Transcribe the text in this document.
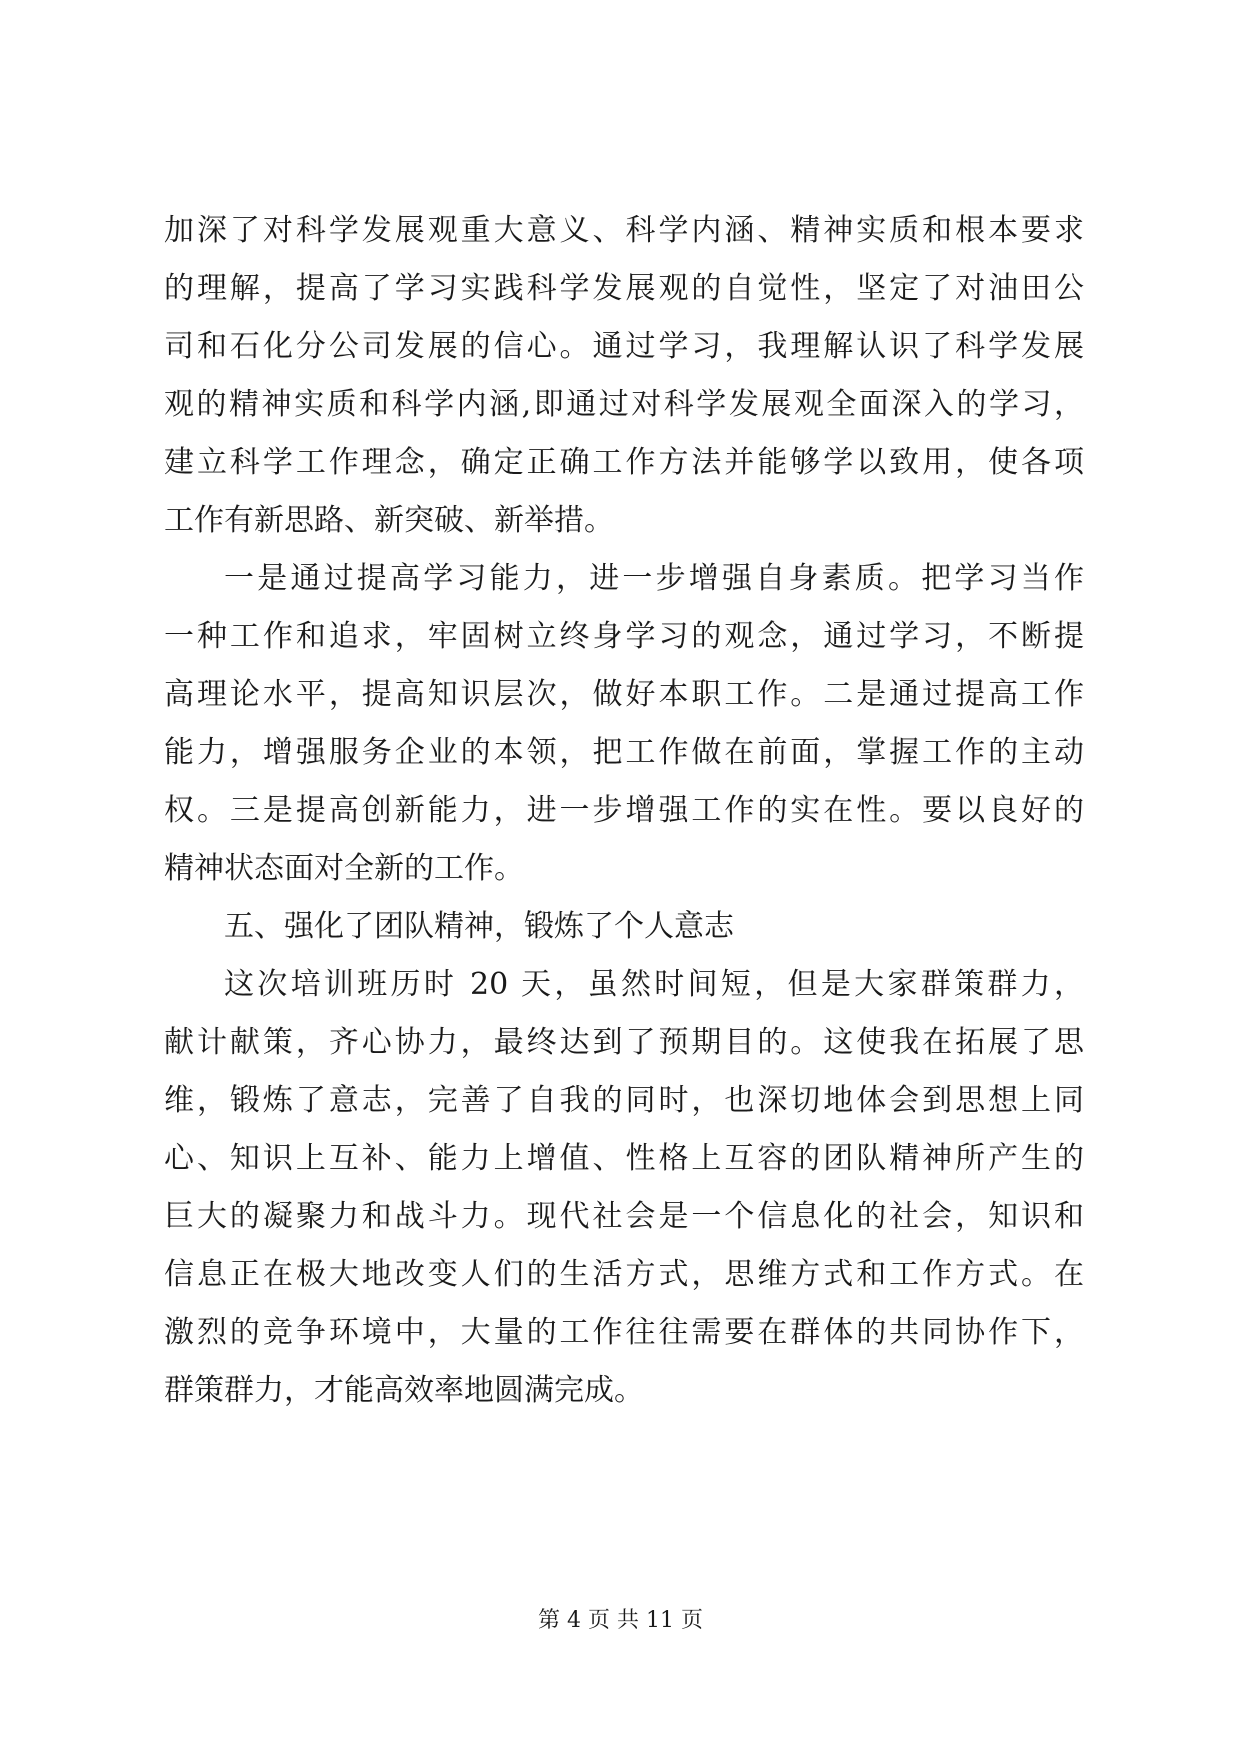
加深了对科学发展观重大意义、科学内涵、精神实质和根本要求
的理解，提高了学习实践科学发展观的自觉性，坚定了对油田公
司和石化分公司发展的信心。通过学习，我理解认识了科学发展
观的精神实质和科学内涵,即通过对科学发展观全面深入的学习，
建立科学工作理念，确定正确工作方法并能够学以致用，使各项
工作有新思路、新突破、新举措。
一是通过提高学习能力，进一步增强自身素质。把学习当作
一种工作和追求，牢固树立终身学习的观念，通过学习，不断提
高理论水平，提高知识层次，做好本职工作。二是通过提高工作
能力，增强服务企业的本领，把工作做在前面，掌握工作的主动
权。三是提高创新能力，进一步增强工作的实在性。要以良好的
精神状态面对全新的工作。
五、强化了团队精神，锻炼了个人意志
这次培训班历时 20 天，虽然时间短，但是大家群策群力，
献计献策，齐心协力，最终达到了预期目的。这使我在拓展了思
维，锻炼了意志，完善了自我的同时，也深切地体会到思想上同
心、知识上互补、能力上增值、性格上互容的团队精神所产生的
巨大的凝聚力和战斗力。现代社会是一个信息化的社会，知识和
信息正在极大地改变人们的生活方式，思维方式和工作方式。在
激烈的竞争环境中，大量的工作往往需要在群体的共同协作下，
群策群力，才能高效率地圆满完成。
第 4 页 共 11 页
